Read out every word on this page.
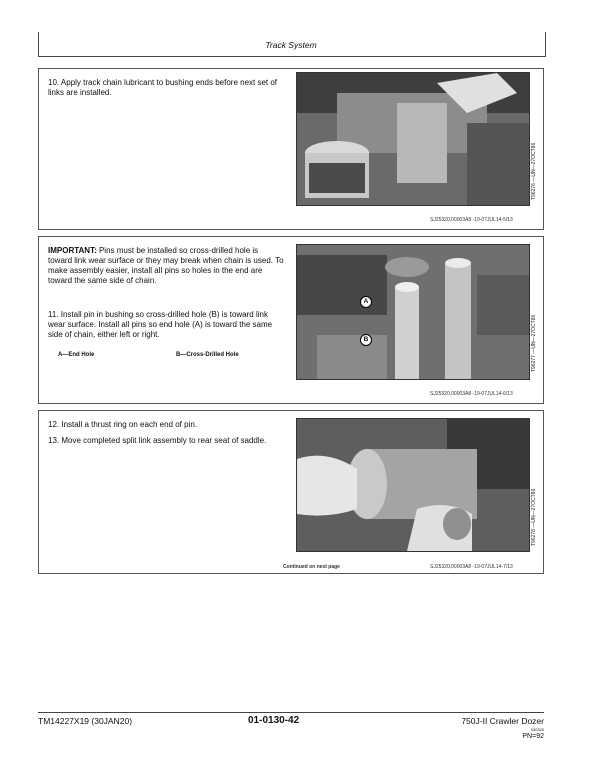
Track System
10. Apply track chain lubricant to bushing ends before next set of links are installed.
T96276 —UN—27OCT86
SJ25320,00003A8 -19-07JUL14-5/13
IMPORTANT: Pins must be installed so cross-drilled hole is toward link wear surface or they may break when chain is used. To make assembly easier, install all pins so holes in the end are toward the same side of chain.
11. Install pin in bushing so cross-drilled hole (B) is toward link wear surface. Install all pins so end hole (A) is toward the same side of chain, either left or right.
A—End Hole	B—Cross-Drilled Hole
A
B	T96277 —UN—27OCT86
SJ25320,00003A8 -19-07JUL14-6/13
12. Install a thrust ring on each end of pin.
13. Move completed split link assembly to rear seat of saddle.
T96278 —UN—27OCT86
Continued on next page	SJ25320,00003A8 -19-07JUL14-7/13
TM14227X19 (30JAN20)	01-0130-42	750J-II Crawler Dozer
030320
PN=92
